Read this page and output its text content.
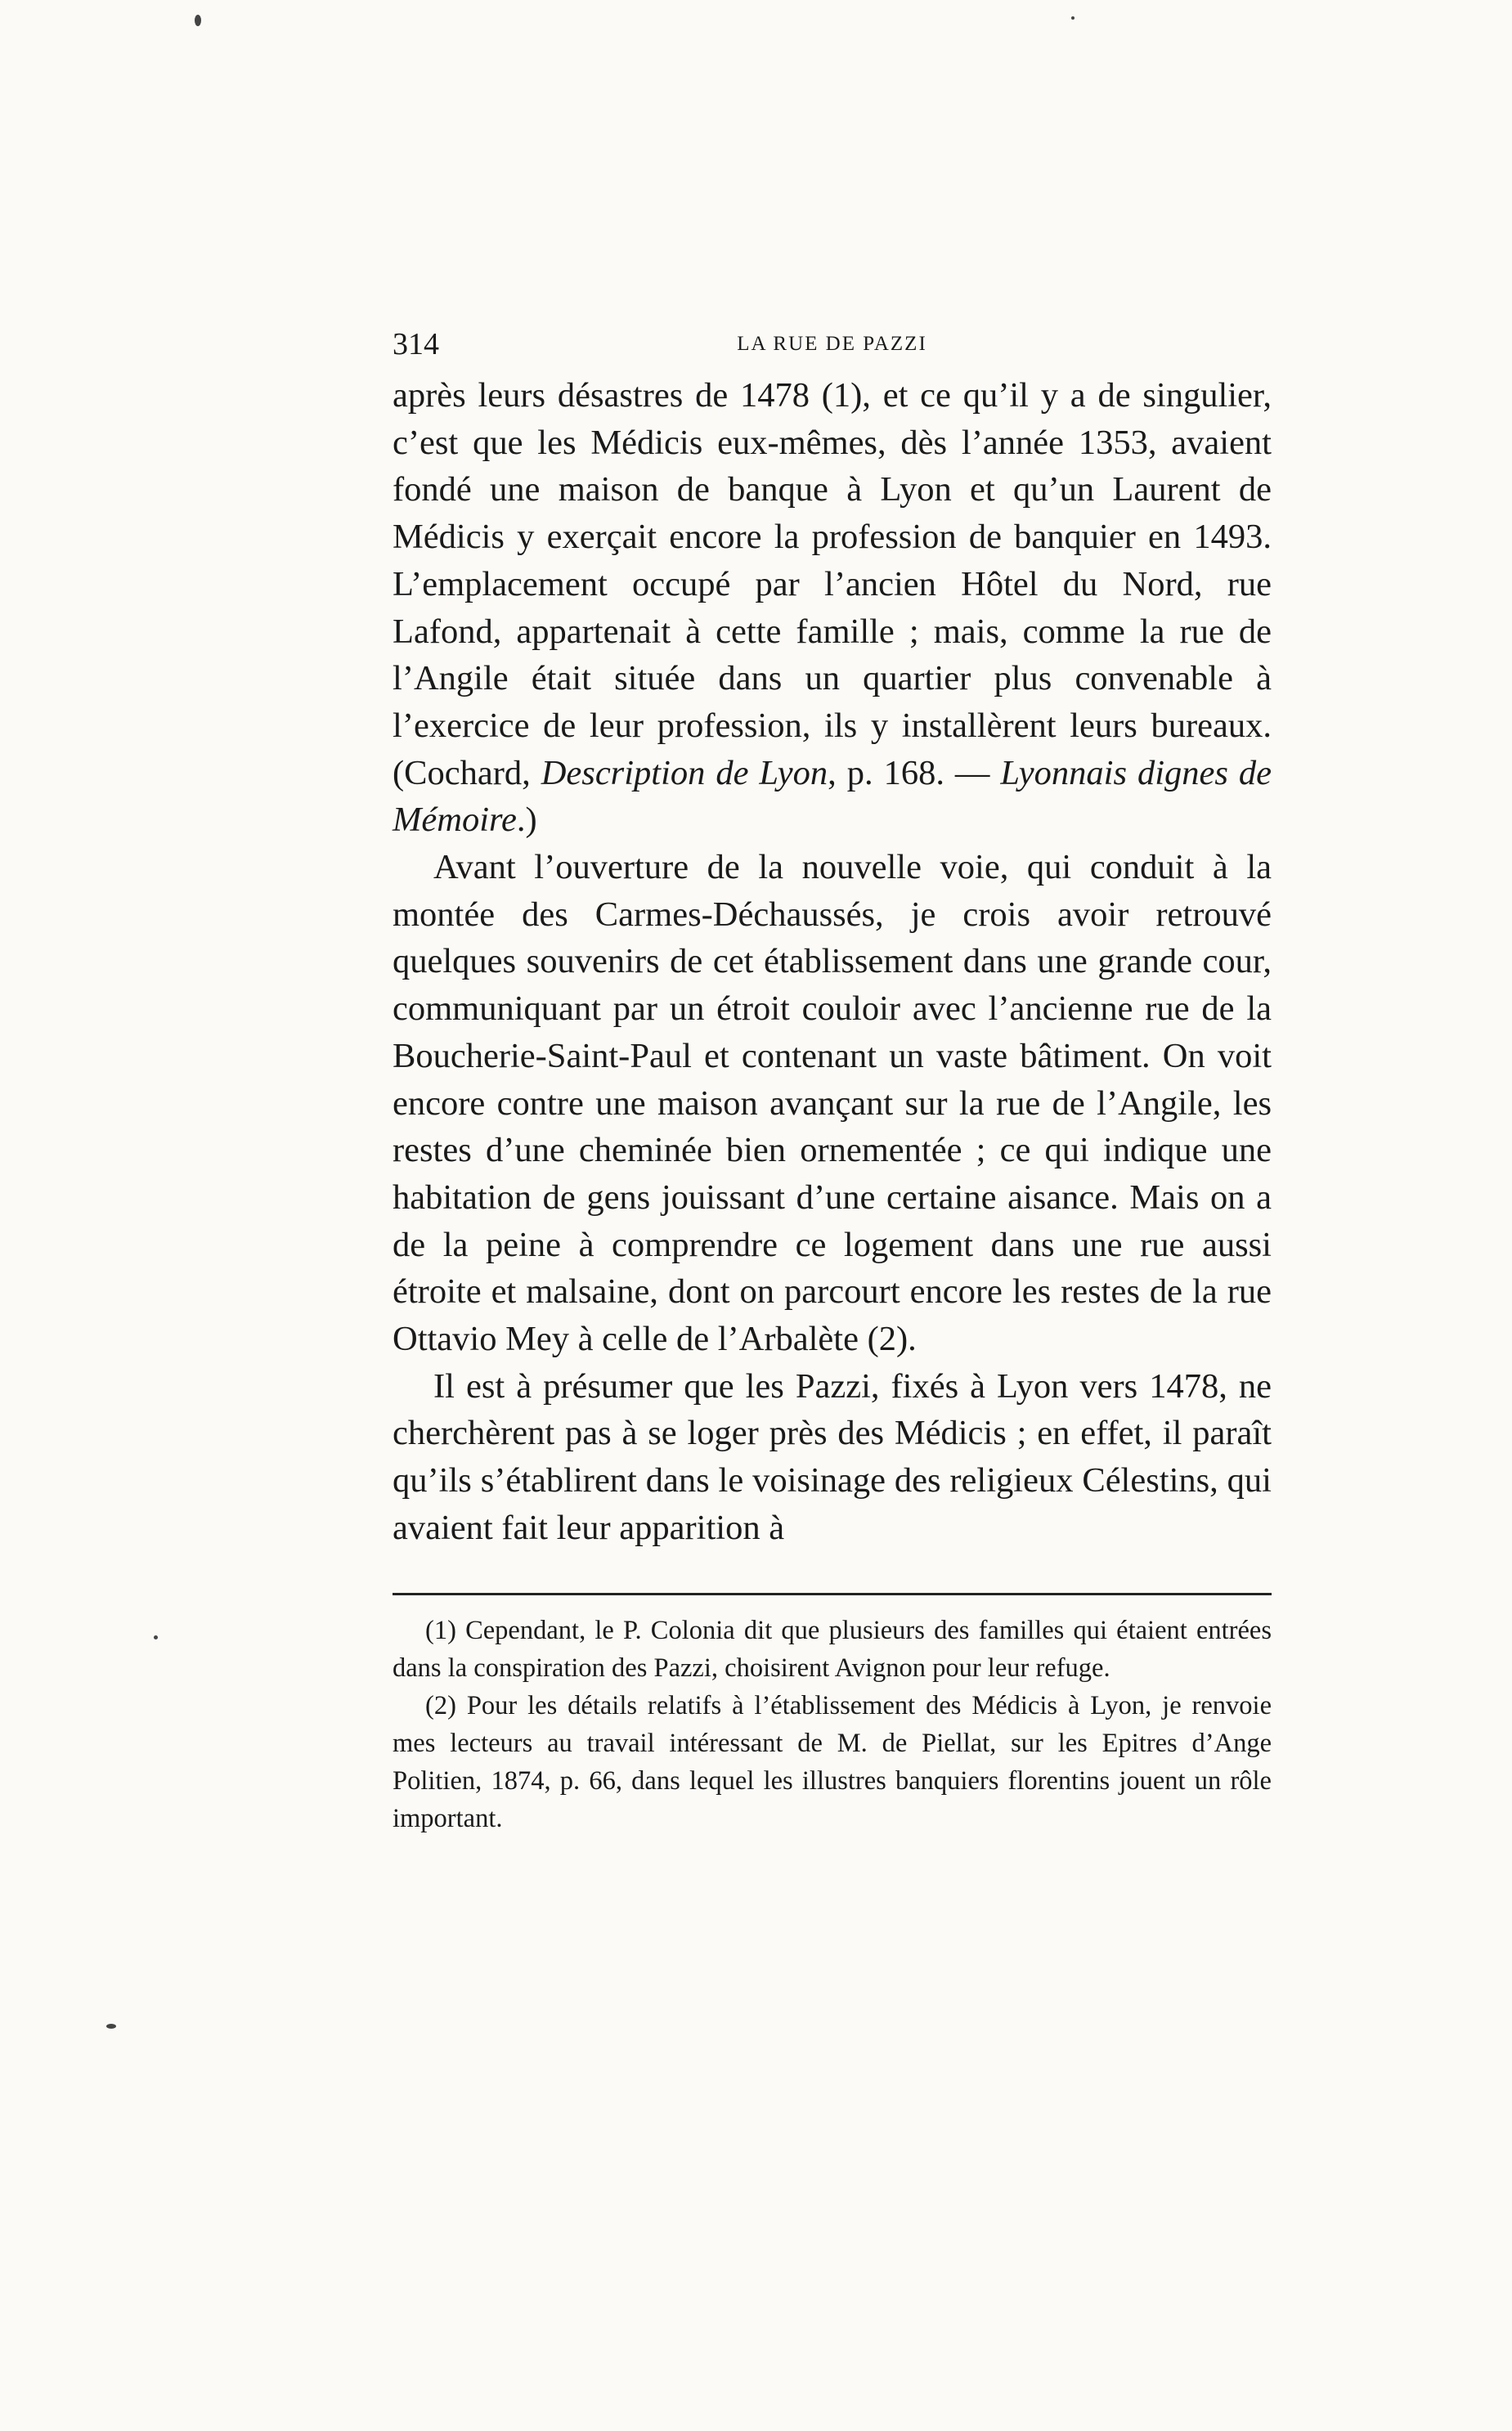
314	LA RUE DE PAZZI

après leurs désastres de 1478 (1), et ce qu’il y a de singulier, c’est que les Médicis eux-mêmes, dès l’année 1353, avaient fondé une maison de banque à Lyon et qu’un Laurent de Médicis y exerçait encore la profession de banquier en 1493. L’emplacement occupé par l’ancien Hôtel du Nord, rue Lafond, appartenait à cette famille ; mais, comme la rue de l’Angile était située dans un quartier plus convenable à l’exercice de leur profession, ils y installèrent leurs bureaux. (Cochard, Description de Lyon, p. 168. — Lyonnais dignes de Mémoire.)

Avant l’ouverture de la nouvelle voie, qui conduit à la montée des Carmes-Déchaussés, je crois avoir retrouvé quelques souvenirs de cet établissement dans une grande cour, communiquant par un étroit couloir avec l’ancienne rue de la Boucherie-Saint-Paul et contenant un vaste bâtiment. On voit encore contre une maison avançant sur la rue de l’Angile, les restes d’une cheminée bien ornementée ; ce qui indique une habitation de gens jouissant d’une certaine aisance. Mais on a de la peine à comprendre ce logement dans une rue aussi étroite et malsaine, dont on parcourt encore les restes de la rue Ottavio Mey à celle de l’Arbalète (2).

Il est à présumer que les Pazzi, fixés à Lyon vers 1478, ne cherchèrent pas à se loger près des Médicis ; en effet, il paraît qu’ils s’établirent dans le voisinage des religieux Célestins, qui avaient fait leur apparition à

(1) Cependant, le P. Colonia dit que plusieurs des familles qui étaient entrées dans la conspiration des Pazzi, choisirent Avignon pour leur refuge.

(2) Pour les détails relatifs à l’établissement des Médicis à Lyon, je renvoie mes lecteurs au travail intéressant de M. de Piellat, sur les Epitres d’Ange Politien, 1874, p. 66, dans lequel les illustres banquiers florentins jouent un rôle important.
